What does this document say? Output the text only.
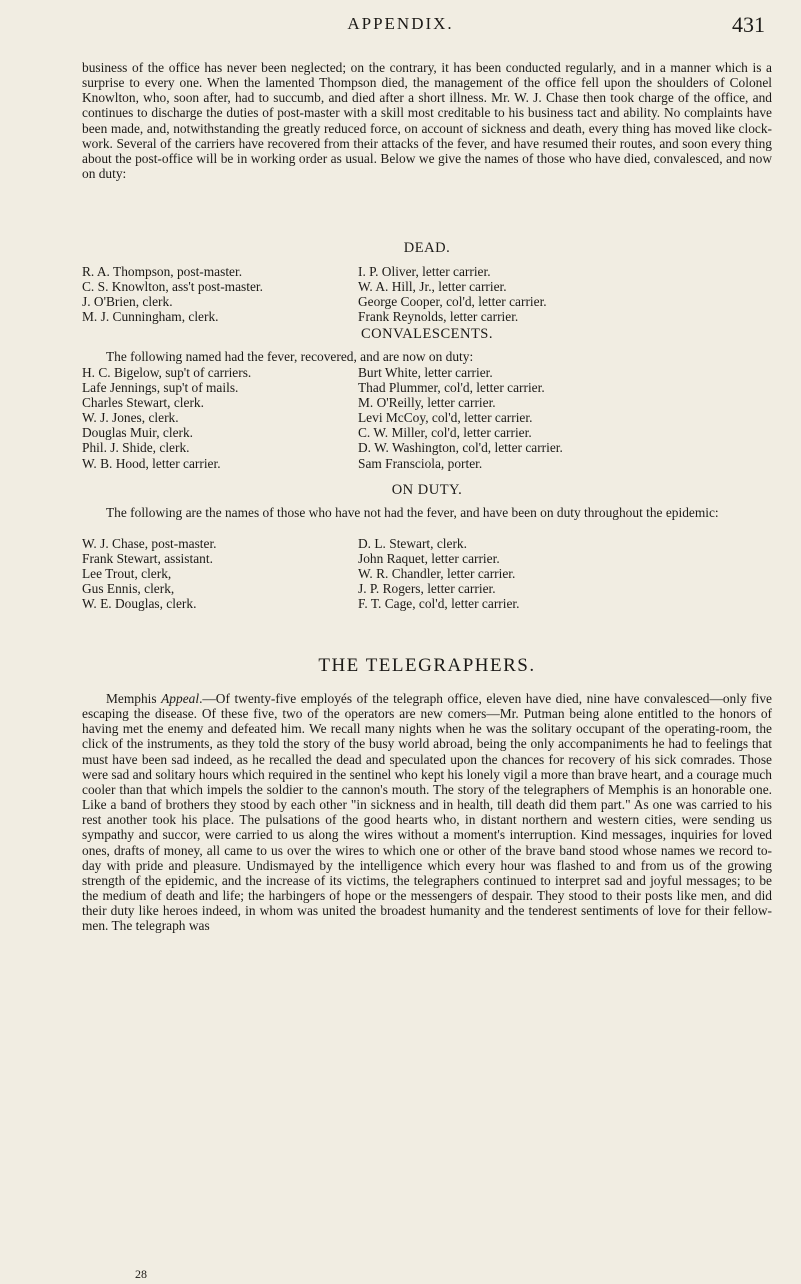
APPENDIX.	431

business of the office has never been neglected; on the contrary, it has been conducted regularly, and in a manner which is a surprise to every one. When the lamented Thompson died, the management of the office fell upon the shoulders of Colonel Knowlton, who, soon after, had to succumb, and died after a short illness. Mr. W. J. Chase then took charge of the office, and continues to discharge the duties of post-master with a skill most creditable to his business tact and ability. No complaints have been made, and, notwithstanding the greatly reduced force, on account of sickness and death, every thing has moved like clock-work. Several of the carriers have recovered from their attacks of the fever, and have resumed their routes, and soon every thing about the post-office will be in working order as usual. Below we give the names of those who have died, convalesced, and now on duty:

DEAD.
R. A. Thompson, post-master.
C. S. Knowlton, ass't post-master.
J. O'Brien, clerk.
M. J. Cunningham, clerk.
I. P. Oliver, letter carrier.
W. A. Hill, Jr., letter carrier.
George Cooper, col'd, letter carrier.
Frank Reynolds, letter carrier.
CONVALESCENTS.

The following named had the fever, recovered, and are now on duty:

H. C. Bigelow, sup't of carriers.
Lafe Jennings, sup't of mails.
Charles Stewart, clerk.
W. J. Jones, clerk.
Douglas Muir, clerk.
Phil. J. Shide, clerk.
W. B. Hood, letter carrier.
Burt White, letter carrier.
Thad Plummer, col'd, letter carrier.
M. O'Reilly, letter carrier.
Levi McCoy, col'd, letter carrier.
C. W. Miller, col'd, letter carrier.
D. W. Washington, col'd, letter carrier.
Sam Fransciola, porter.
ON DUTY.

The following are the names of those who have not had the fever, and have been on duty throughout the epidemic:

W. J. Chase, post-master.
Frank Stewart, assistant.
Lee Trout, clerk,
Gus Ennis, clerk,
W. E. Douglas, clerk.
D. L. Stewart, clerk.
John Raquet, letter carrier.
W. R. Chandler, letter carrier.
J. P. Rogers, letter carrier.
F. T. Cage, col'd, letter carrier.
THE TELEGRAPHERS.

Memphis Appeal.—Of twenty-five employés of the telegraph office, eleven have died, nine have convalesced—only five escaping the disease. Of these five, two of the operators are new comers—Mr. Putman being alone entitled to the honors of having met the enemy and defeated him. We recall many nights when he was the solitary occupant of the operating-room, the click of the instruments, as they told the story of the busy world abroad, being the only accompaniments he had to feelings that must have been sad indeed, as he recalled the dead and speculated upon the chances for recovery of his sick comrades. Those were sad and solitary hours which required in the sentinel who kept his lonely vigil a more than brave heart, and a courage much cooler than that which impels the soldier to the cannon's mouth. The story of the telegraphers of Memphis is an honorable one. Like a band of brothers they stood by each other "in sickness and in health, till death did them part." As one was carried to his rest another took his place. The pulsations of the good hearts who, in distant northern and western cities, were sending us sympathy and succor, were carried to us along the wires without a moment's interruption. Kind messages, inquiries for loved ones, drafts of money, all came to us over the wires to which one or other of the brave band stood whose names we record to-day with pride and pleasure. Undismayed by the intelligence which every hour was flashed to and from us of the growing strength of the epidemic, and the increase of its victims, the telegraphers continued to interpret sad and joyful messages; to be the medium of death and life; the harbingers of hope or the messengers of despair. They stood to their posts like men, and did their duty like heroes indeed, in whom was united the broadest humanity and the tenderest sentiments of love for their fellow-men. The telegraph was

28
